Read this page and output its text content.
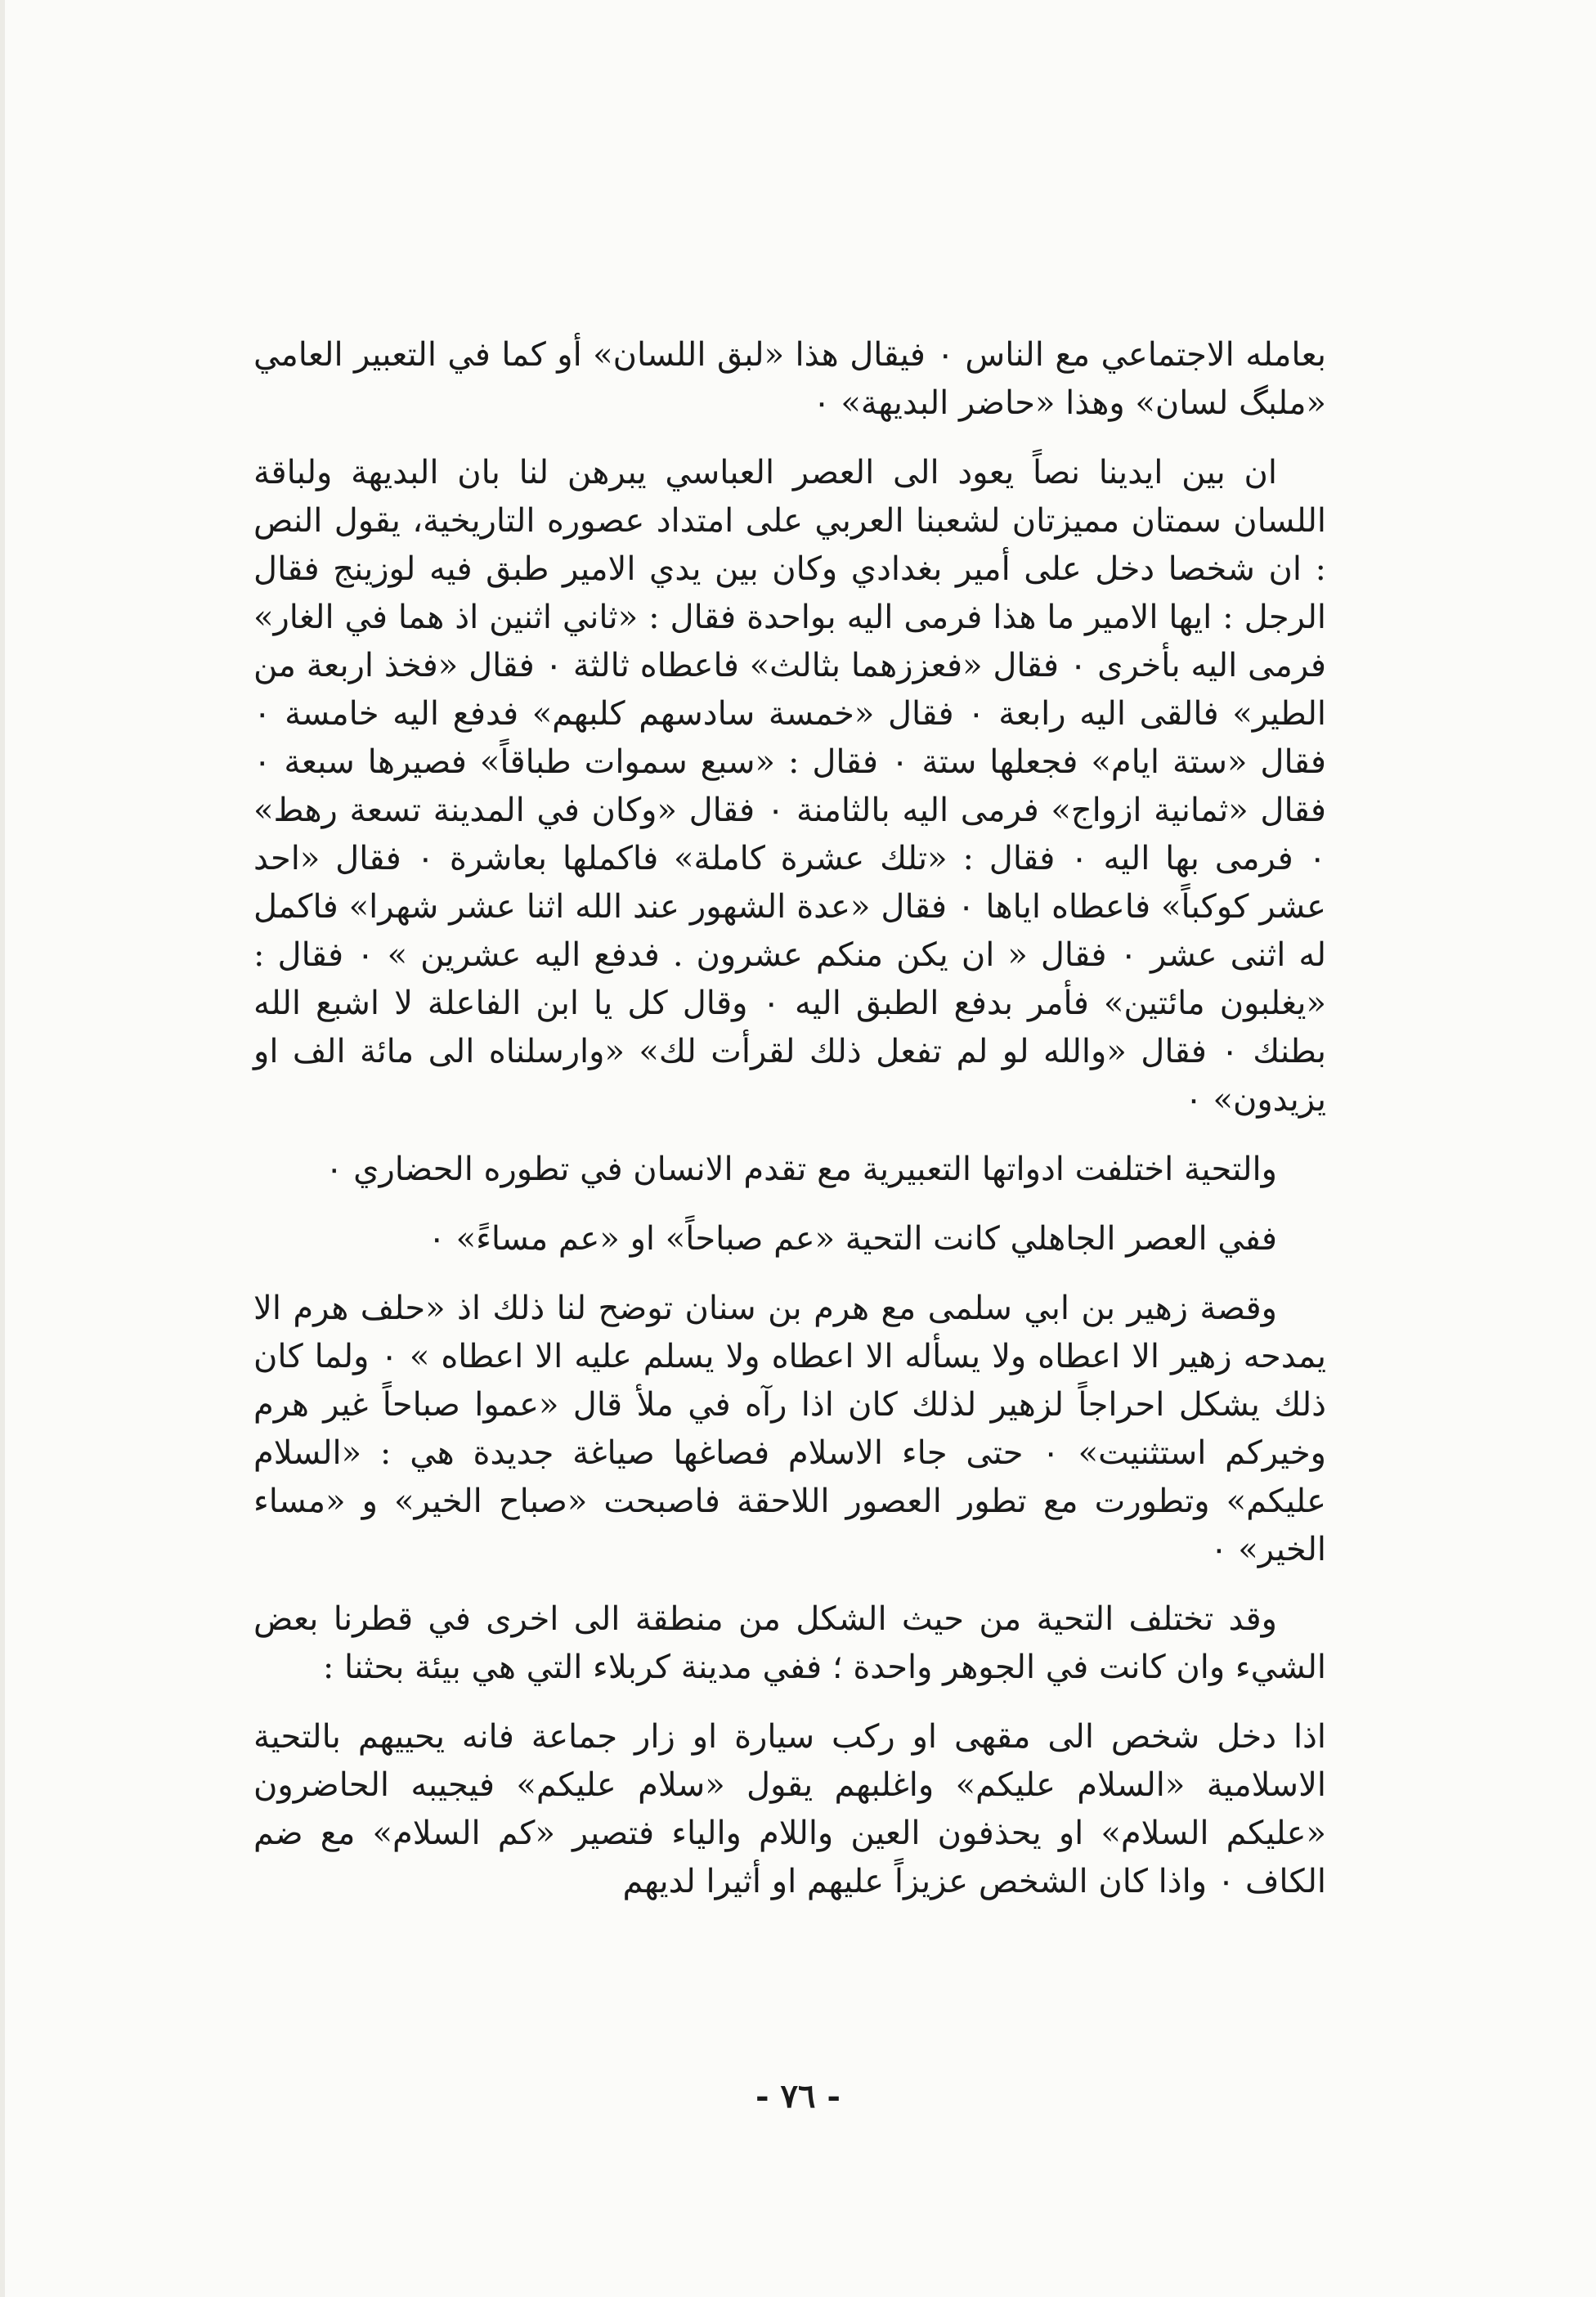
بعامله الاجتماعي مع الناس ٠ فيقال هذا «لبق اللسان» أو كما في التعبير العامي «ملبگ لسان» وهذا «حاضر البديهة» ٠

ان بين ايدينا نصاً يعود الى العصر العباسي يبرهن لنا بان البديهة ولباقة اللسان سمتان مميزتان لشعبنا العربي على امتداد عصوره التاريخية، يقول النص : ان شخصا دخل على أمير بغدادي وكان بين يدي الامير طبق فيه لوزينج فقال الرجل : ايها الامير ما هذا فرمى اليه بواحدة فقال : «ثاني اثنين اذ هما في الغار» فرمى اليه بأخرى ٠ فقال «فعززهما بثالث» فاعطاه ثالثة ٠ فقال «فخذ اربعة من الطير» فالقى اليه رابعة ٠ فقال «خمسة سادسهم كلبهم» فدفع اليه خامسة ٠ فقال «ستة ايام» فجعلها ستة ٠ فقال : «سبع سموات طباقاً» فصيرها سبعة ٠ فقال «ثمانية ازواج» فرمى اليه بالثامنة ٠ فقال «وكان في المدينة تسعة رهط» ٠ فرمى بها اليه ٠ فقال : «تلك عشرة كاملة» فاكملها بعاشرة ٠ فقال «احد عشر كوكباً» فاعطاه اياها ٠ فقال «عدة الشهور عند الله اثنا عشر شهرا» فاكمل له اثنى عشر ٠ فقال « ان يكن منكم عشرون . فدفع اليه عشرين » ٠ فقال : «يغلبون مائتين» فأمر بدفع الطبق اليه ٠ وقال كل يا ابن الفاعلة لا اشبع الله بطنك ٠ فقال «والله لو لم تفعل ذلك لقرأت لك» «وارسلناه الى مائة الف او يزيدون» ٠

والتحية اختلفت ادواتها التعبيرية مع تقدم الانسان في تطوره الحضاري ٠

ففي العصر الجاهلي كانت التحية «عم صباحاً» او «عم مساءً» ٠

وقصة زهير بن ابي سلمى مع هرم بن سنان توضح لنا ذلك اذ «حلف هرم الا يمدحه زهير الا اعطاه ولا يسأله الا اعطاه ولا يسلم عليه الا اعطاه » ٠ ولما كان ذلك يشكل احراجاً لزهير لذلك كان اذا رآه في ملأ قال «عموا صباحاً غير هرم وخيركم استثنيت» ٠ حتى جاء الاسلام فصاغها صياغة جديدة هي : «السلام عليكم» وتطورت مع تطور العصور اللاحقة فاصبحت «صباح الخير» و «مساء الخير» ٠

وقد تختلف التحية من حيث الشكل من منطقة الى اخرى في قطرنا بعض الشيء وان كانت في الجوهر واحدة ؛ ففي مدينة كربلاء التي هي بيئة بحثنا :

اذا دخل شخص الى مقهى او ركب سيارة او زار جماعة فانه يحييهم بالتحية الاسلامية «السلام عليكم» واغلبهم يقول «سلام عليكم» فيجيبه الحاضرون «عليكم السلام» او يحذفون العين واللام والياء فتصير «كم السلام» مع ضم الكاف ٠ واذا كان الشخص عزيزاً عليهم او أثيرا لديهم

- ٧٦ -
